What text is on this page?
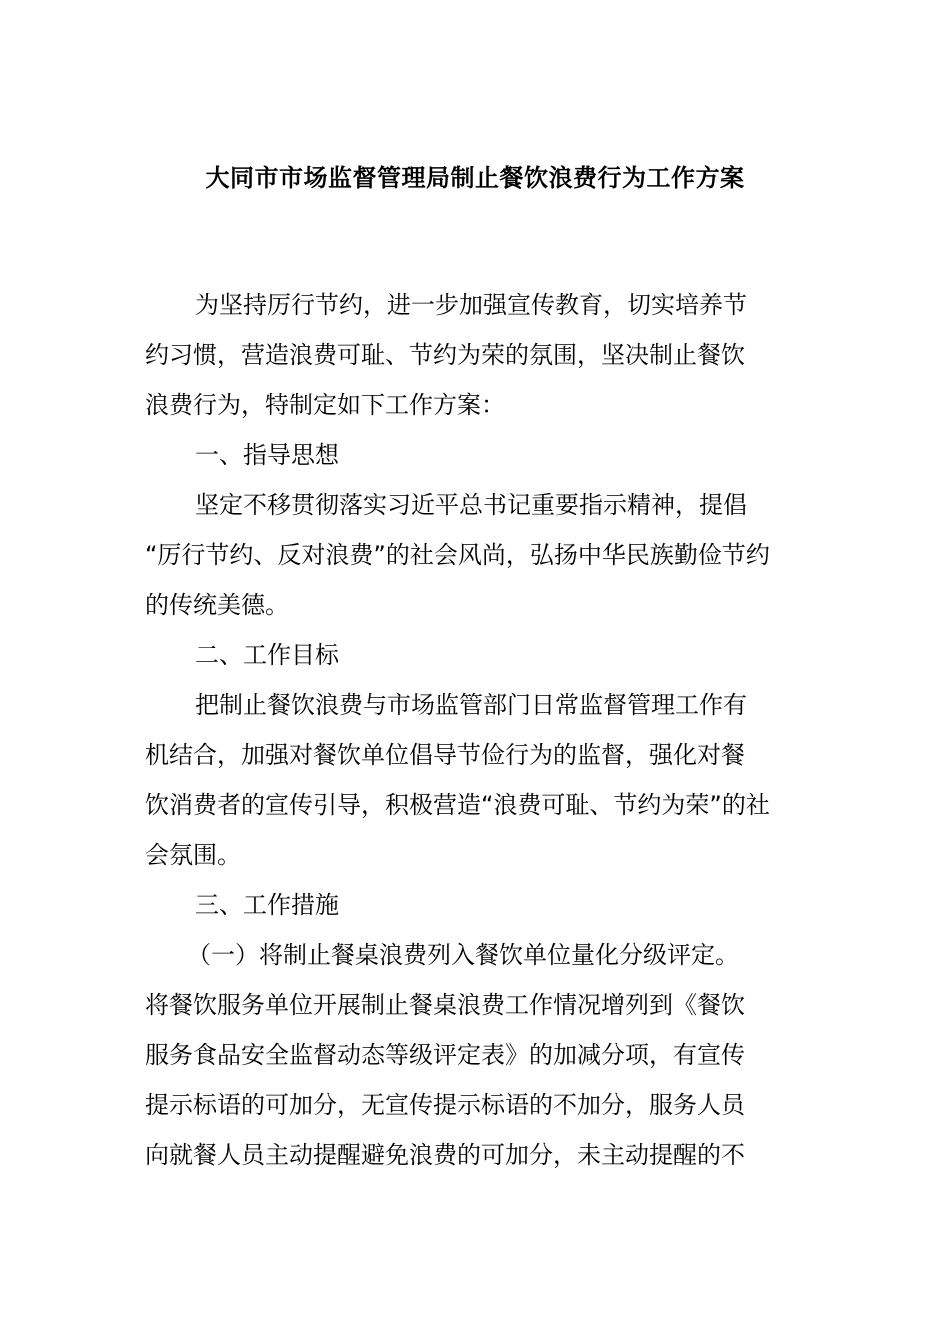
大同市市场监督管理局制止餐饮浪费行为工作方案
为坚持厉行节约，进一步加强宣传教育，切实培养节
约习惯，营造浪费可耻、节约为荣的氛围，坚决制止餐饮
浪费行为，特制定如下工作方案：
一、指导思想
坚定不移贯彻落实习近平总书记重要指示精神，提倡
“厉行节约、反对浪费”的社会风尚，弘扬中华民族勤俭节约
的传统美德。
二、工作目标
把制止餐饮浪费与市场监管部门日常监督管理工作有
机结合，加强对餐饮单位倡导节俭行为的监督，强化对餐
饮消费者的宣传引导，积极营造“浪费可耻、节约为荣”的社
会氛围。
三、工作措施
（一）将制止餐桌浪费列入餐饮单位量化分级评定。
将餐饮服务单位开展制止餐桌浪费工作情况增列到《餐饮
服务食品安全监督动态等级评定表》的加减分项，有宣传
提示标语的可加分，无宣传提示标语的不加分，服务人员
向就餐人员主动提醒避免浪费的可加分，未主动提醒的不
